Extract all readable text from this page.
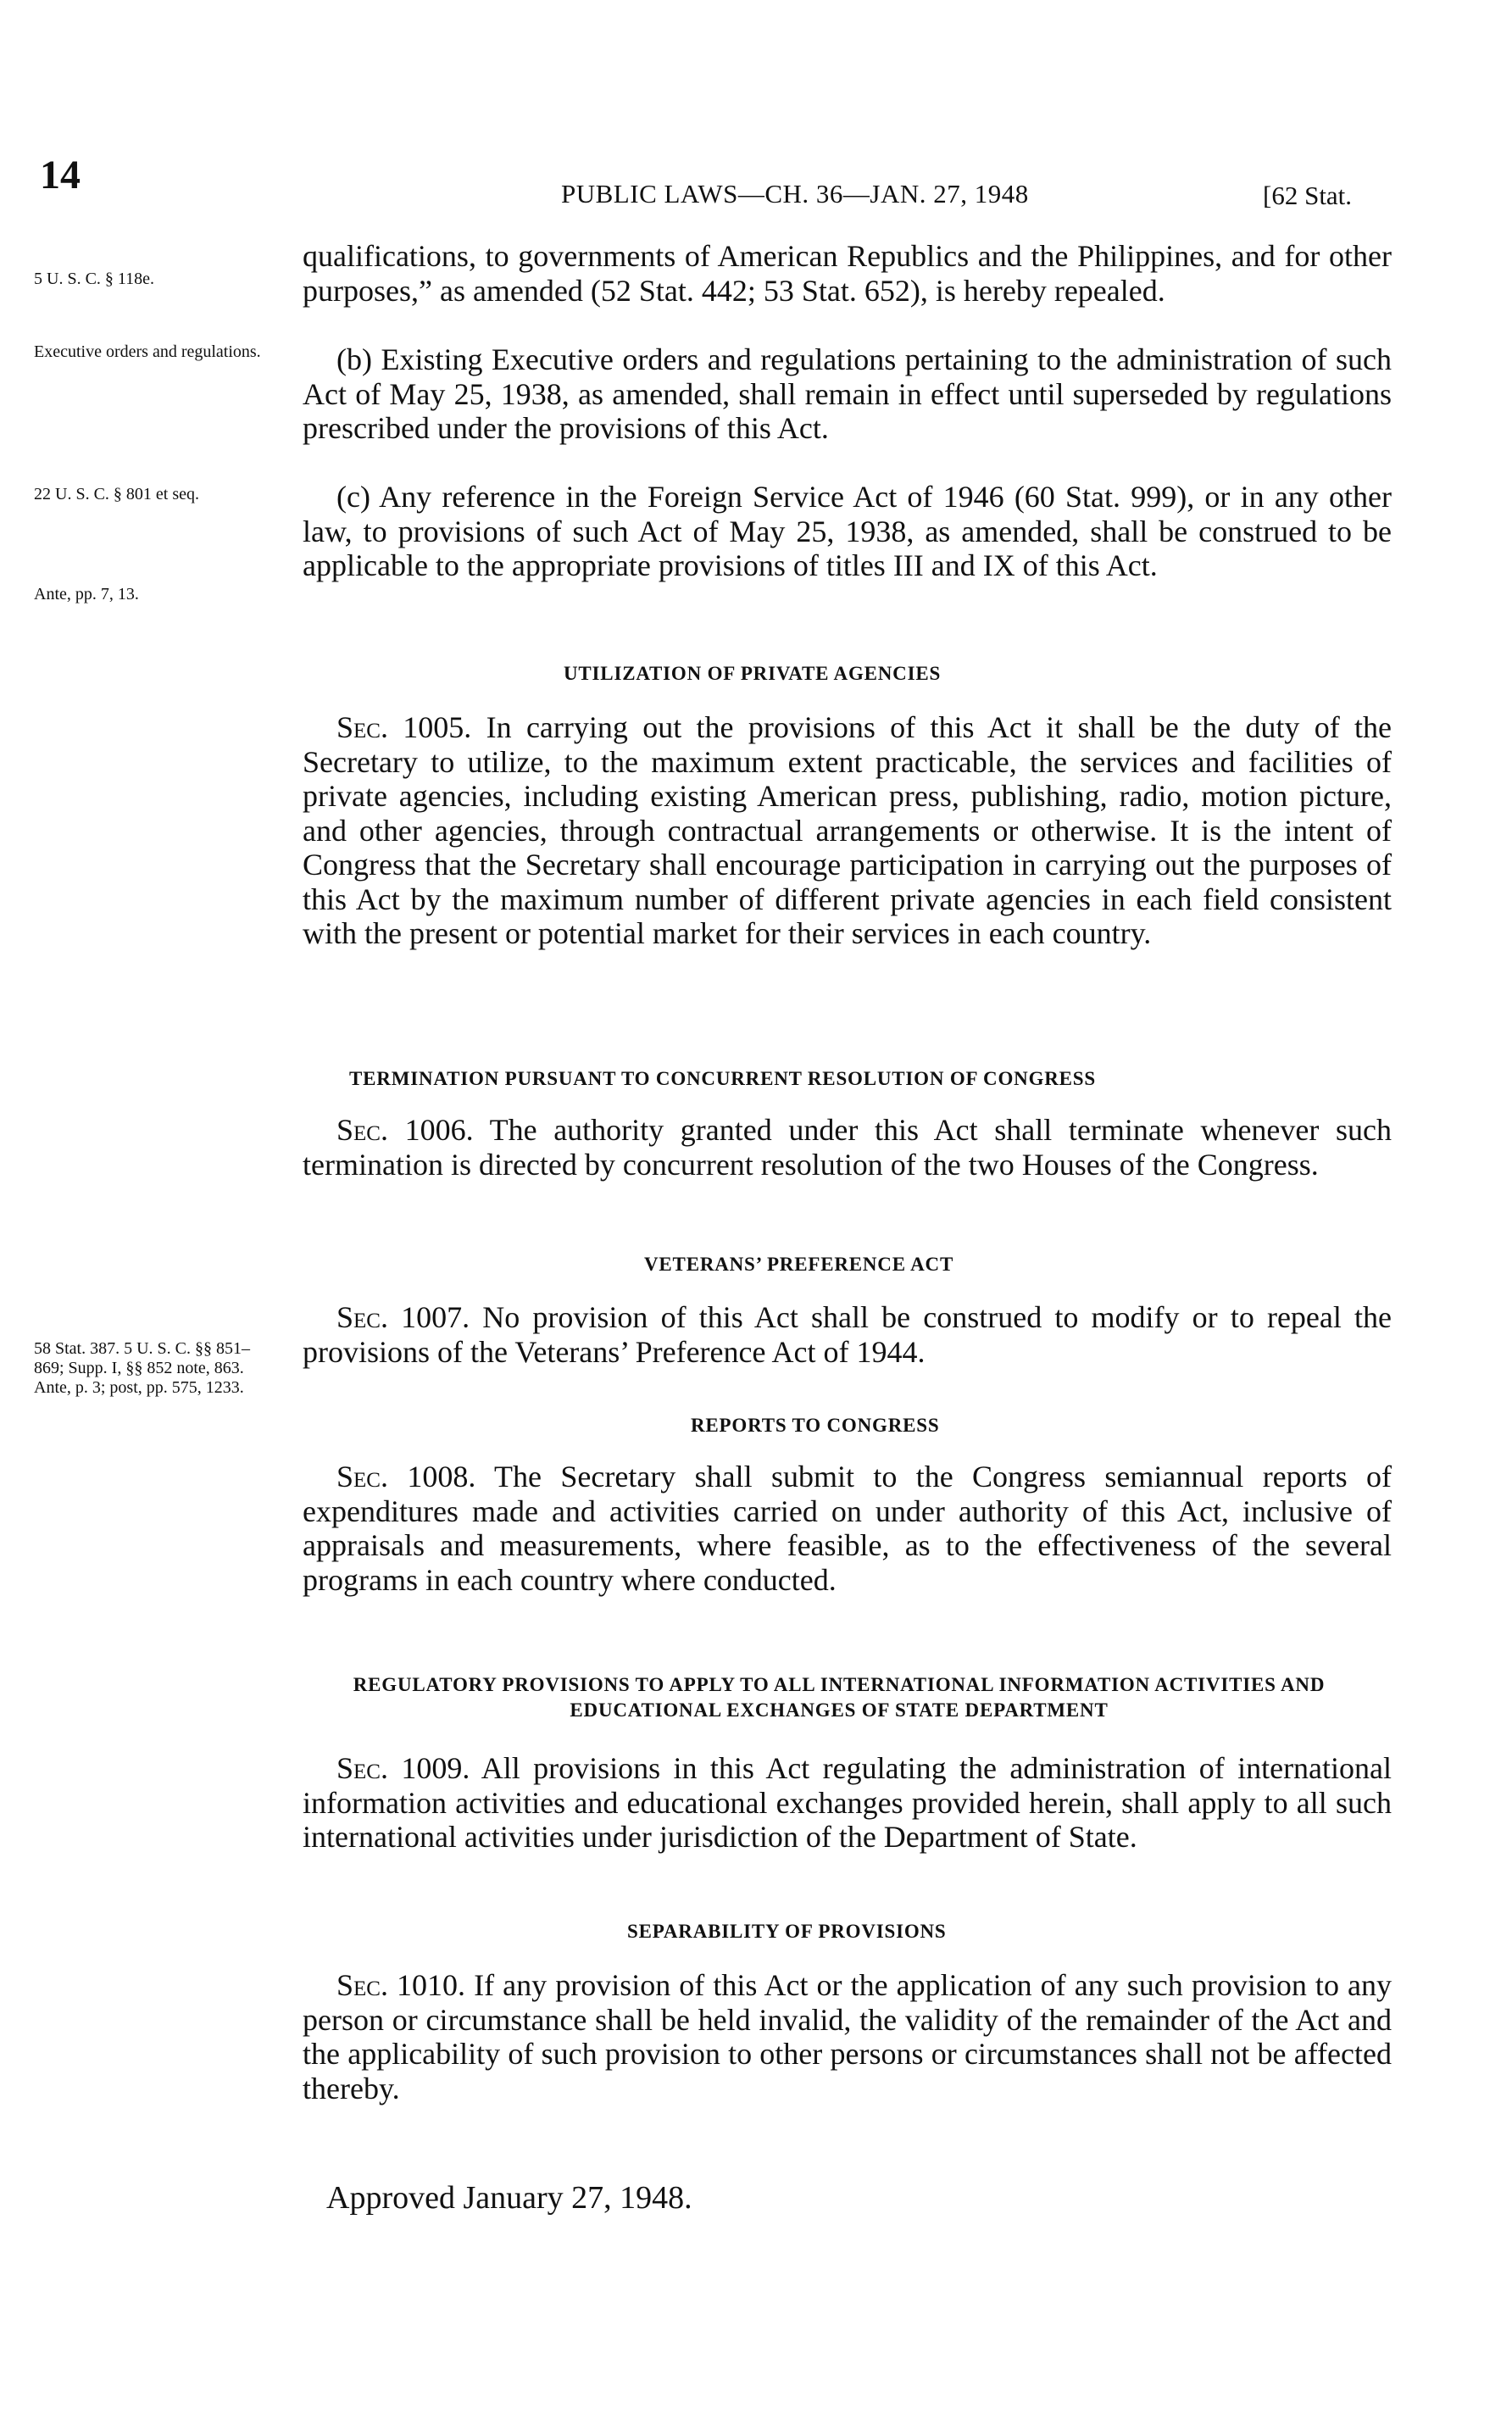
14	PUBLIC LAWS—CH. 36—JAN. 27, 1948	[62 Stat.
5 U. S. C. § 118e.
Executive orders and regulations.
22 U. S. C. § 801 et seq.
Ante, pp. 7, 13.
58 Stat. 387. 5 U. S. C. §§ 851–869; Supp. I, §§ 852 note, 863. Ante, p. 3; post, pp. 575, 1233.

qualifications, to governments of American Republics and the Philippines, and for other purposes,” as amended (52 Stat. 442; 53 Stat. 652), is hereby repealed.

(b) Existing Executive orders and regulations pertaining to the administration of such Act of May 25, 1938, as amended, shall remain in effect until superseded by regulations prescribed under the provisions of this Act.

(c) Any reference in the Foreign Service Act of 1946 (60 Stat. 999), or in any other law, to provisions of such Act of May 25, 1938, as amended, shall be construed to be applicable to the appropriate provisions of titles III and IX of this Act.

UTILIZATION OF PRIVATE AGENCIES

Sec. 1005. In carrying out the provisions of this Act it shall be the duty of the Secretary to utilize, to the maximum extent practicable, the services and facilities of private agencies, including existing American press, publishing, radio, motion picture, and other agencies, through contractual arrangements or otherwise. It is the intent of Congress that the Secretary shall encourage participation in carrying out the purposes of this Act by the maximum number of different private agencies in each field consistent with the present or potential market for their services in each country.

TERMINATION PURSUANT TO CONCURRENT RESOLUTION OF CONGRESS

Sec. 1006. The authority granted under this Act shall terminate whenever such termination is directed by concurrent resolution of the two Houses of the Congress.

VETERANS’ PREFERENCE ACT

Sec. 1007. No provision of this Act shall be construed to modify or to repeal the provisions of the Veterans’ Preference Act of 1944.

REPORTS TO CONGRESS

Sec. 1008. The Secretary shall submit to the Congress semiannual reports of expenditures made and activities carried on under authority of this Act, inclusive of appraisals and measurements, where feasible, as to the effectiveness of the several programs in each country where conducted.

REGULATORY PROVISIONS TO APPLY TO ALL INTERNATIONAL INFORMATION ACTIVITIES AND EDUCATIONAL EXCHANGES OF STATE DEPARTMENT

Sec. 1009. All provisions in this Act regulating the administration of international information activities and educational exchanges provided herein, shall apply to all such international activities under jurisdiction of the Department of State.

SEPARABILITY OF PROVISIONS

Sec. 1010. If any provision of this Act or the application of any such provision to any person or circumstance shall be held invalid, the validity of the remainder of the Act and the applicability of such provision to other persons or circumstances shall not be affected thereby.

Approved January 27, 1948.
